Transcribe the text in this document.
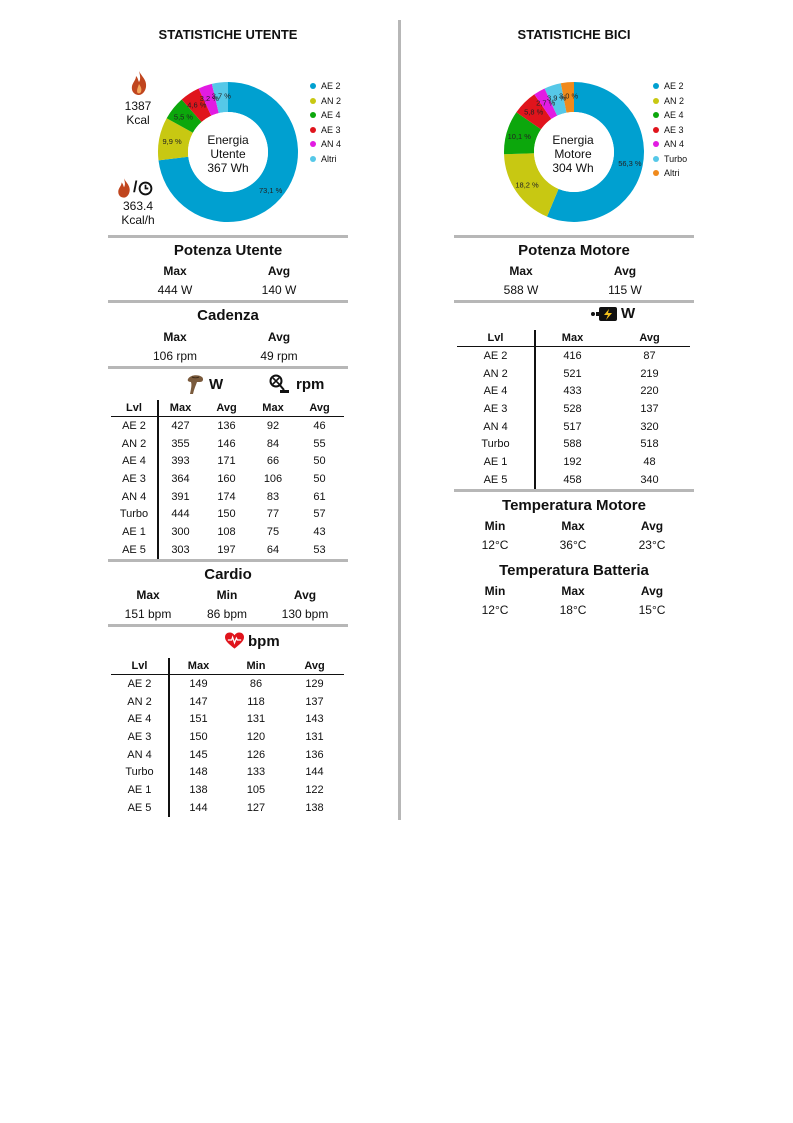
STATISTICHE UTENTE
1387
Kcal
/
363.4
Kcal/h
73,1 %
9,9 %
5,5 %
4,6 %
3,2 %
3,7 %
Energia
Utente
367 Wh
AE 2
AN 2
AE 4
AE 3
AN 4
Altri
Potenza Utente
Max	Avg
444 W	140 W
Cadenza
Max	Avg
106 rpm	49 rpm
W	rpm
Lvl	Max	Avg	Max	Avg
AE 2	427	136	92	46
AN 2	355	146	84	55
AE 4	393	171	66	50
AE 3	364	160	106	50
AN 4	391	174	83	61
Turbo	444	150	77	57
AE 1	300	108	75	43
AE 5	303	197	64	53
Cardio
Max	Min	Avg
151 bpm	86 bpm	130 bpm
bpm
Lvl	Max	Min	Avg
AE 2	149	86	129
AN 2	147	118	137
AE 4	151	131	143
AE 3	150	120	131
AN 4	145	126	136
Turbo	148	133	144
AE 1	138	105	122
AE 5	144	127	138
STATISTICHE BICI
56,3 %
18,2 %
10,1 %
5,8 %
2,7 %
3,9 %
3,0 %
Energia
Motore
304 Wh
AE 2
AN 2
AE 4
AE 3
AN 4
Turbo
Altri
Potenza Motore
Max	Avg
588 W	115 W
W
Lvl	Max	Avg
AE 2	416	87
AN 2	521	219
AE 4	433	220
AE 3	528	137
AN 4	517	320
Turbo	588	518
AE 1	192	48
AE 5	458	340
Temperatura Motore
Min	Max	Avg
12°C	36°C	23°C
Temperatura Batteria
Min	Max	Avg
12°C	18°C	15°C
